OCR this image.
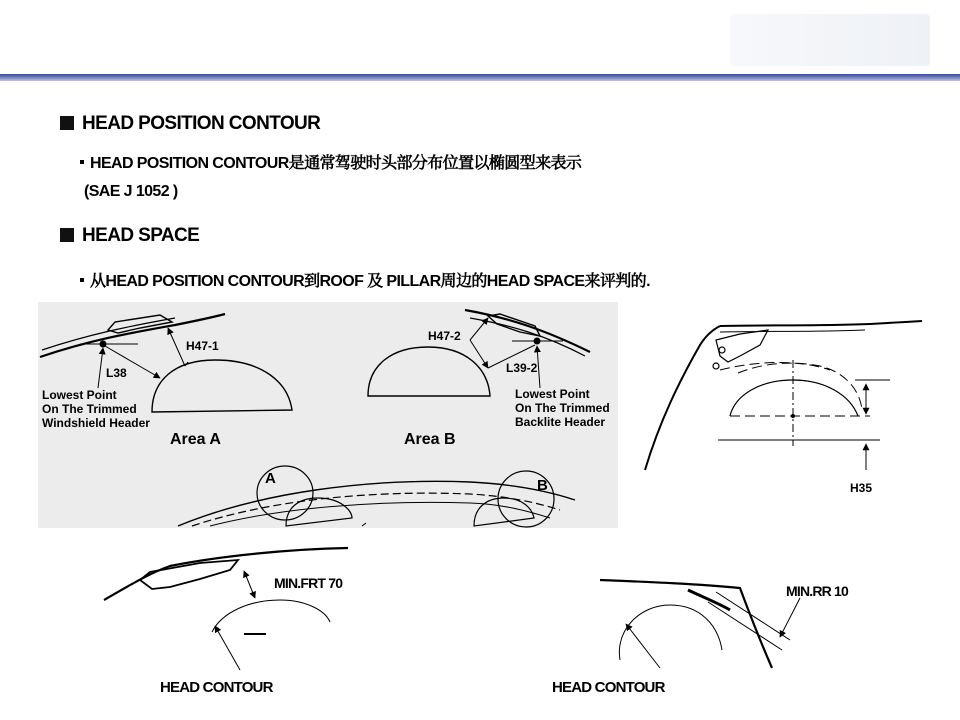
HEAD POSITION CONTOUR
HEAD POSITION CONTOUR是通常驾驶时头部分布位置以椭圆型来表示
(SAE J 1052 )
HEAD SPACE
从HEAD POSITION CONTOUR到ROOF 及 PILLAR周边的HEAD SPACE来评判的.
H47-1
L38
Lowest Point
On The Trimmed
Windshield Header
Area A
H47-2
L39-2
Lowest Point
On The Trimmed
Backlite Header
Area B
A	B	H35
MIN.FRT 70
HEAD CONTOUR
MIN.RR 10
HEAD CONTOUR
